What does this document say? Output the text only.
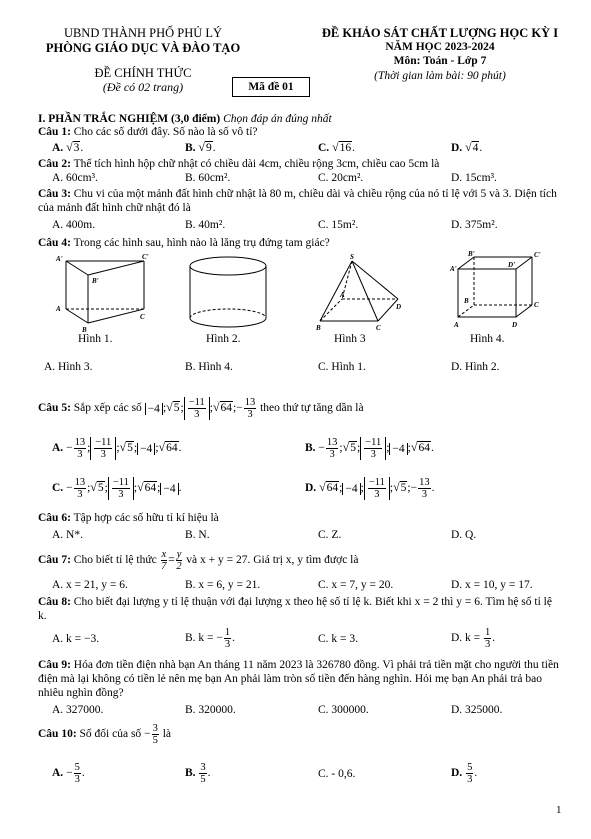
UBND THÀNH PHỐ PHỦ LÝ
PHÒNG GIÁO DỤC VÀ ĐÀO TẠO
ĐỀ CHÍNH THỨC
(Đề có 02 trang)	Mã đề 01
ĐỀ KHẢO SÁT CHẤT LƯỢNG HỌC KỲ I
NĂM HỌC 2023-2024
Môn: Toán - Lớp 7
(Thời gian làm bài: 90 phút)
I. PHẦN TRẮC NGHIỆM (3,0 điểm) Chọn đáp án đúng nhất
Câu 1: Cho các số dưới đây. Số nào là số vô tỉ?
A. √3.	B. √9.	C. √16.	D. √4.
Câu 2: Thể tích hình hộp chữ nhật có chiều dài 4cm, chiều rộng 3cm, chiều cao 5cm là
A. 60cm³.	B. 60cm².	C. 20cm².	D. 15cm³.
Câu 3: Chu vi của một mảnh đất hình chữ nhật là 80 m, chiều dài và chiều rộng của nó tỉ lệ với 5 và 3. Diện tích của mảnh đất hình chữ nhật đó là
A. 400m.	B. 40m².	C. 15m².	D. 375m².
Câu 4: Trong các hình sau, hình nào là lăng trụ đứng tam giác?
A'	C'
B'
A
C
B
Hình 1.	Hình 2.
S
A
D
B	C
Hình 3
B'	C'
A'	D'
B	C
A	D
Hình 4.
A. Hình 3.	B. Hình 4.	C. Hình 1.	D. Hình 2.
Câu 5: Sắp xếp các số −4 ;√5; $\frac{-11}{3}$ ;√64;− $\frac{13}{3}$ theo thứ tự tăng dần là
A. − $\frac{13}{3}$ ; $\frac{-11}{3}$ ;√5; −4 ;√64.	B. − $\frac{13}{3}$ ;√5; $\frac{-11}{3}$ ; −4 ;√64.
C. − $\frac{13}{3}$ ;√5; $\frac{-11}{3}$ ;√64; −4 .	D. √64; −4 ; $\frac{-11}{3}$ ;√5;− $\frac{13}{3}$ .
Câu 6: Tập hợp các số hữu tỉ kí hiệu là
A. N*.	B. N.	C. Z.	D. Q.
Câu 7: Cho biết tỉ lệ thức $\frac{x}{7} = \frac{y}{2}$ và x + y = 27. Giá trị x, y tìm được là
A. x = 21, y = 6.	B. x = 6, y = 21.	C. x = 7, y = 20.	D. x = 10, y = 17.
Câu 8: Cho biết đại lượng y tỉ lệ thuận với đại lượng x theo hệ số tỉ lệ k. Biết khi x = 2 thì y = 6. Tìm hệ số tỉ lệ k.
A. k = −3.	B. k = − $\frac{1}{3}$ .	C. k = 3.	D. $k = \frac{1}{3}$ .
Câu 9: Hóa đơn tiền điện nhà bạn An tháng 11 năm 2023 là 326780 đồng. Vì phải trả tiền mặt cho người thu tiền điện mà lại không có tiền lẻ nên mẹ bạn An phải làm tròn số tiền đến hàng nghìn. Hỏi mẹ bạn An phải trả bao nhiêu nghìn đồng?
A. 327000.	B. 320000.	C. 300000.	D. 325000.
Câu 10: Số đối của số − $\frac{3}{5}$ là
A. − $\frac{5}{3}$ .	B. $\frac{3}{5}$ .	C. - 0,6.	D. $\frac{5}{3}$ .
1
